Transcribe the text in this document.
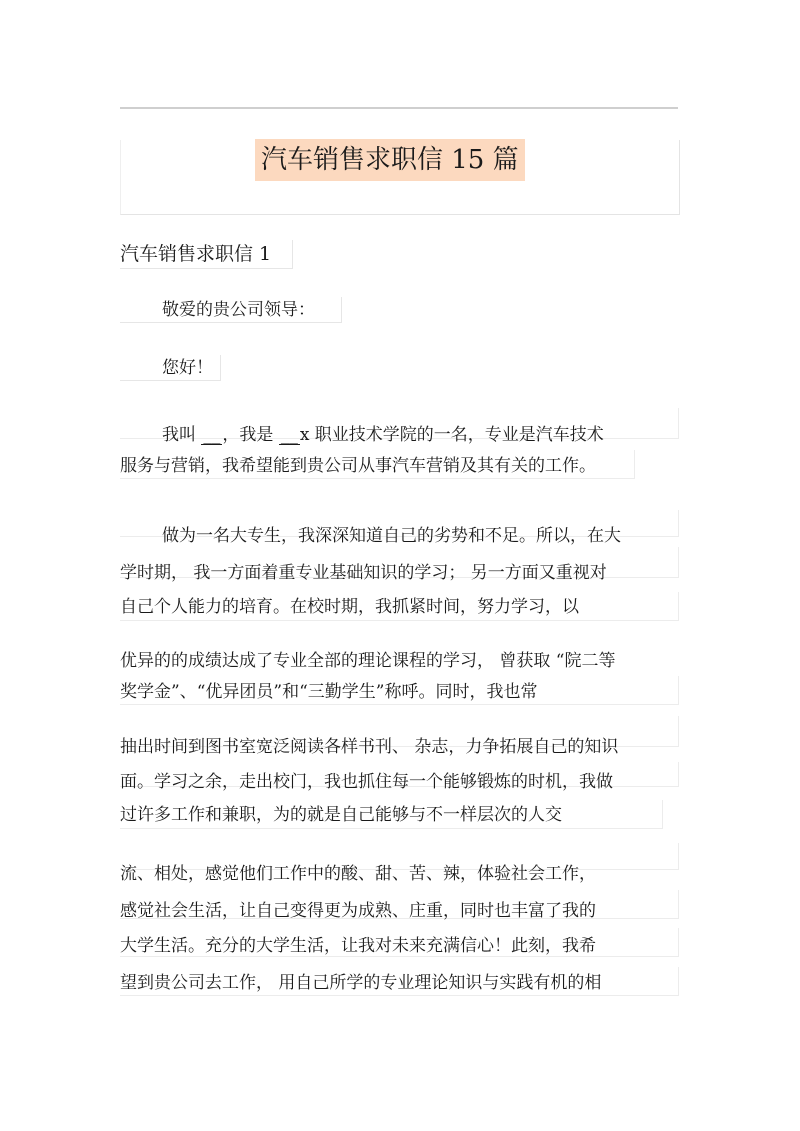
汽车销售求职信 15 篇
汽车销售求职信 1
敬爱的贵公司领导：
您好！
我叫 __ ，我是 __ x 职业技术学院的一名，专业是汽车技术
服务与营销，我希望能到贵公司从事汽车营销及其有关的工作。
做为一名大专生，我深深知道自己的劣势和不足。所以，在大
学时期， 我一方面着重专业基础知识的学习； 另一方面又重视对
自己个人能力的培育。在校时期，我抓紧时间，努力学习，以
优异的的成绩达成了专业全部的理论课程的学习， 曾获取 “院二等
奖学金”、“优异团员”和“三勤学生”称呼。同时，我也常
抽出时间到图书室宽泛阅读各样书刊、 杂志，力争拓展自己的知识
面。学习之余，走出校门，我也抓住每一个能够锻炼的时机，我做
过许多工作和兼职，为的就是自己能够与不一样层次的人交
流、相处，感觉他们工作中的酸、甜、苦、辣，体验社会工作，
感觉社会生活，让自己变得更为成熟、庄重，同时也丰富了我的
大学生活。充分的大学生活，让我对未来充满信心！此刻，我希
望到贵公司去工作， 用自己所学的专业理论知识与实践有机的相
